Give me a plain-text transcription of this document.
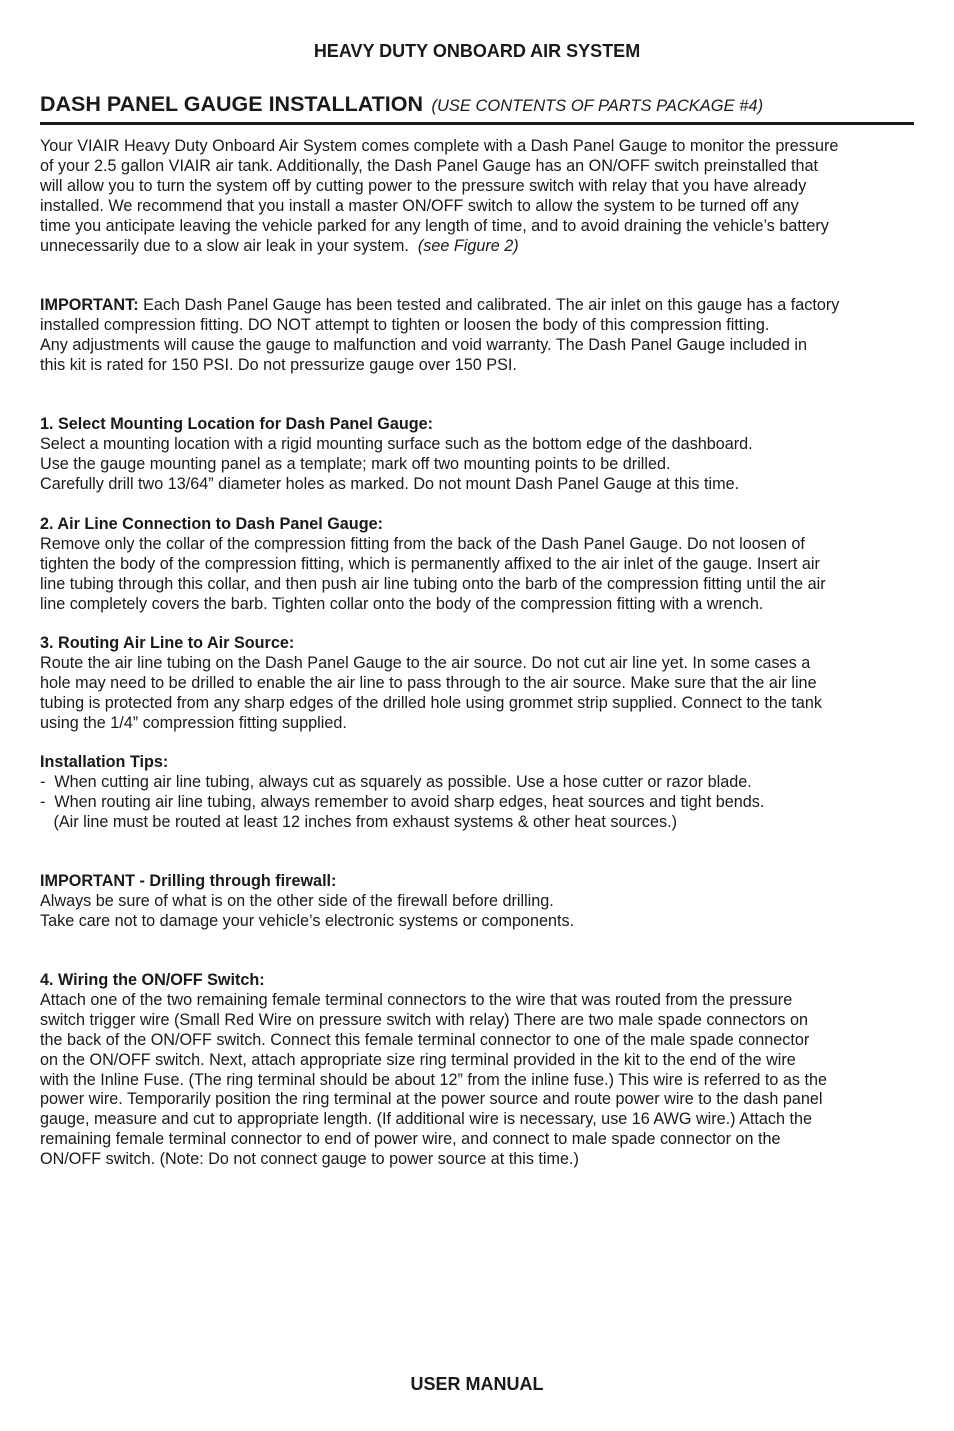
HEAVY DUTY ONBOARD AIR SYSTEM
DASH PANEL GAUGE INSTALLATION (USE CONTENTS OF PARTS PACKAGE #4)
Your VIAIR Heavy Duty Onboard Air System comes complete with a Dash Panel Gauge to monitor the pressure
of your 2.5 gallon VIAIR air tank. Additionally, the Dash Panel Gauge has an ON/OFF switch preinstalled that
will allow you to turn the system off by cutting power to the pressure switch with relay that you have already
installed. We recommend that you install a master ON/OFF switch to allow the system to be turned off any
time you anticipate leaving the vehicle parked for any length of time, and to avoid draining the vehicle’s battery
unnecessarily due to a slow air leak in your system. (see Figure 2)
IMPORTANT: Each Dash Panel Gauge has been tested and calibrated. The air inlet on this gauge has a factory
installed compression fitting. DO NOT attempt to tighten or loosen the body of this compression fitting.
Any adjustments will cause the gauge to malfunction and void warranty. The Dash Panel Gauge included in
this kit is rated for 150 PSI. Do not pressurize gauge over 150 PSI.
1. Select Mounting Location for Dash Panel Gauge:
Select a mounting location with a rigid mounting surface such as the bottom edge of the dashboard.
Use the gauge mounting panel as a template; mark off two mounting points to be drilled.
Carefully drill two 13/64” diameter holes as marked. Do not mount Dash Panel Gauge at this time.
2. Air Line Connection to Dash Panel Gauge:
Remove only the collar of the compression fitting from the back of the Dash Panel Gauge. Do not loosen of
tighten the body of the compression fitting, which is permanently affixed to the air inlet of the gauge. Insert air
line tubing through this collar, and then push air line tubing onto the barb of the compression fitting until the air
line completely covers the barb. Tighten collar onto the body of the compression fitting with a wrench.
3. Routing Air Line to Air Source:
Route the air line tubing on the Dash Panel Gauge to the air source. Do not cut air line yet. In some cases a
hole may need to be drilled to enable the air line to pass through to the air source. Make sure that the air line
tubing is protected from any sharp edges of the drilled hole using grommet strip supplied. Connect to the tank
using the 1/4” compression fitting supplied.
Installation Tips:
-  When cutting air line tubing, always cut as squarely as possible. Use a hose cutter or razor blade.
-  When routing air line tubing, always remember to avoid sharp edges, heat sources and tight bends.
(Air line must be routed at least 12 inches from exhaust systems & other heat sources.)
IMPORTANT - Drilling through firewall:
Always be sure of what is on the other side of the firewall before drilling.
Take care not to damage your vehicle’s electronic systems or components.
4. Wiring the ON/OFF Switch:
Attach one of the two remaining female terminal connectors to the wire that was routed from the pressure
switch trigger wire (Small Red Wire on pressure switch with relay) There are two male spade connectors on
the back of the ON/OFF switch. Connect this female terminal connector to one of the male spade connector
on the ON/OFF switch. Next, attach appropriate size ring terminal provided in the kit to the end of the wire
with the Inline Fuse. (The ring terminal should be about 12” from the inline fuse.) This wire is referred to as the
power wire. Temporarily position the ring terminal at the power source and route power wire to the dash panel
gauge, measure and cut to appropriate length. (If additional wire is necessary, use 16 AWG wire.) Attach the
remaining female terminal connector to end of power wire, and connect to male spade connector on the
ON/OFF switch. (Note: Do not connect gauge to power source at this time.)
USER MANUAL
